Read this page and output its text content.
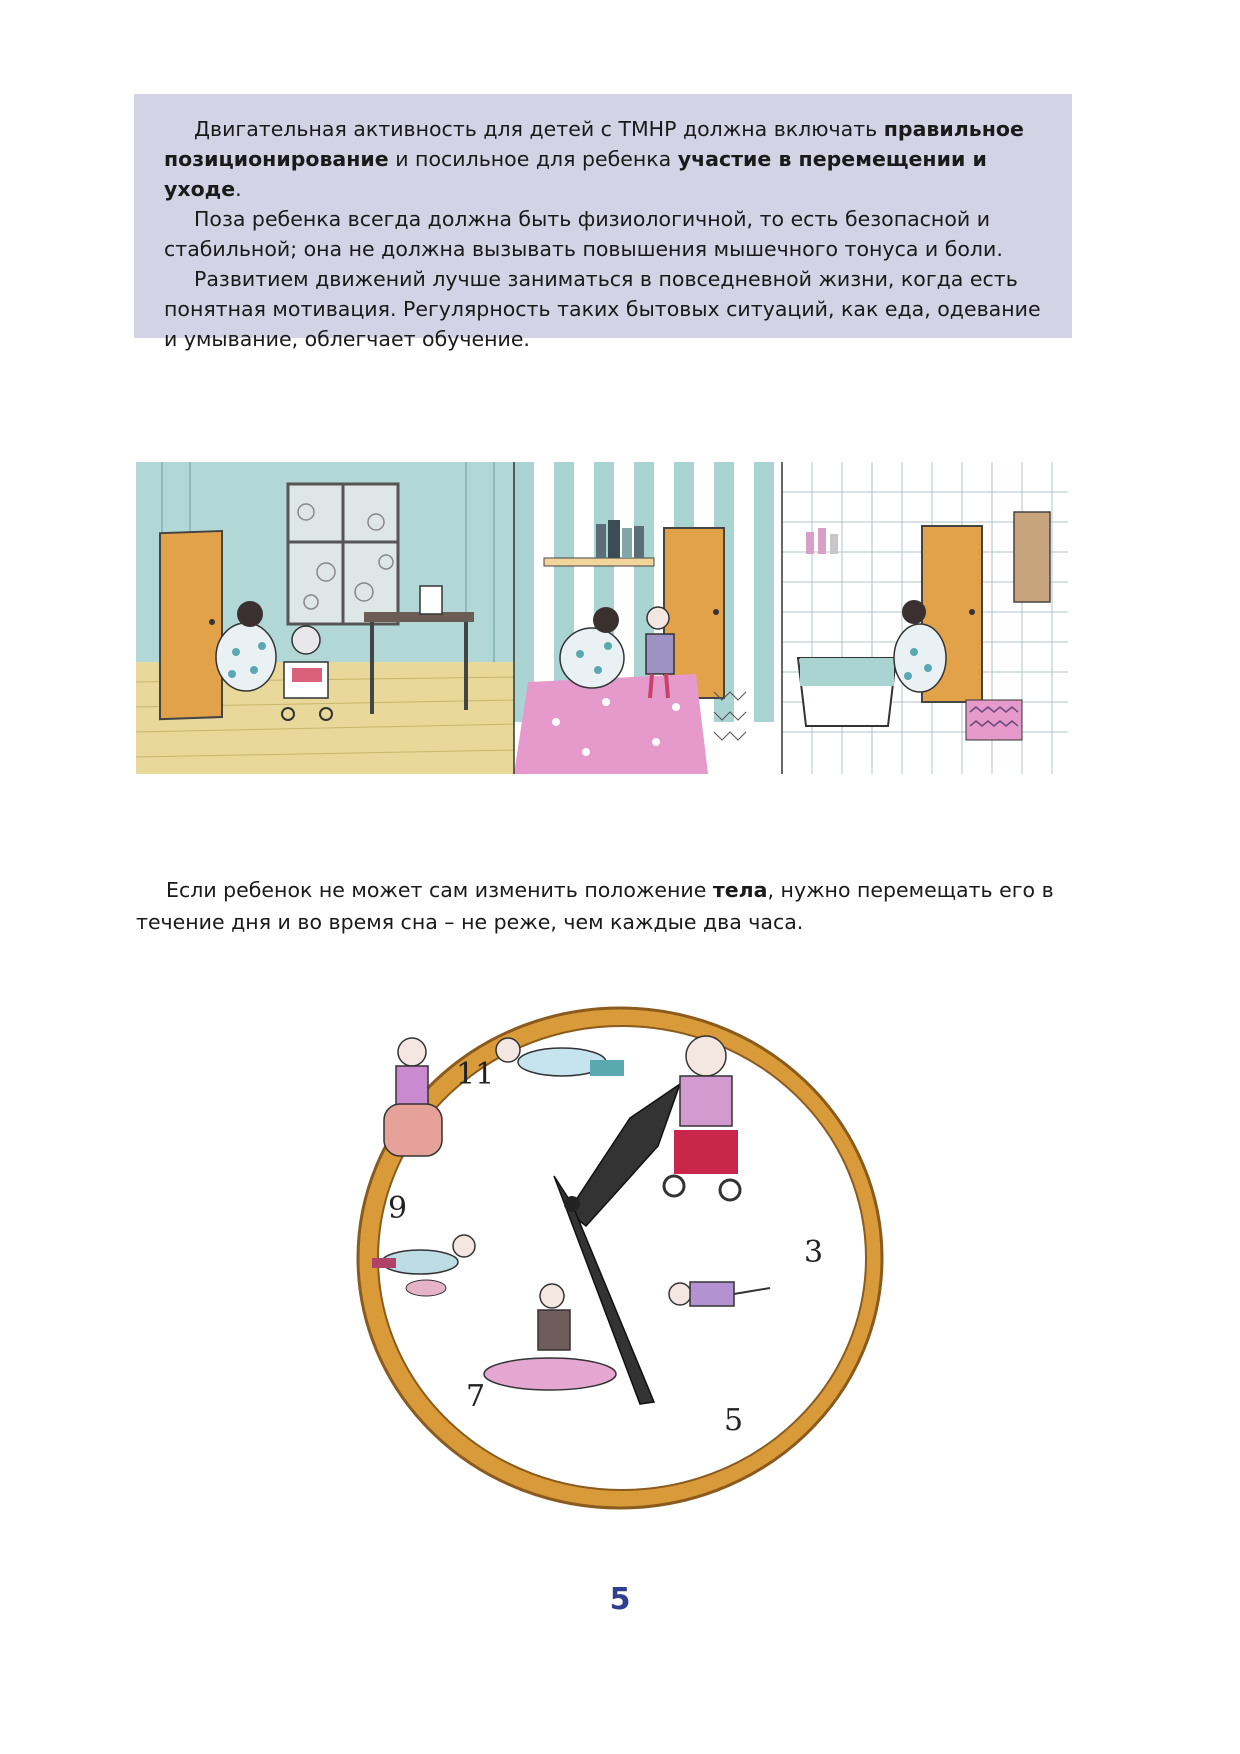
Двигательная активность для детей с ТМНР должна включать правильное позиционирование и посильное для ребенка участие в перемещении и уходе.

Поза ребенка всегда должна быть физиологичной, то есть безопасной и стабильной; она не должна вызывать повышения мышечного тонуса и боли.

Развитием движений лучше заниматься в повседневной жизни, когда есть понятная мотивация. Регулярность таких бытовых ситуаций, как еда, одевание и умывание, облегчает обучение.

Если ребенок не может сам изменить положение тела, нужно перемещать его в течение дня и во время сна – не реже, чем каждые два часа.

3
5
7
9
11
5
